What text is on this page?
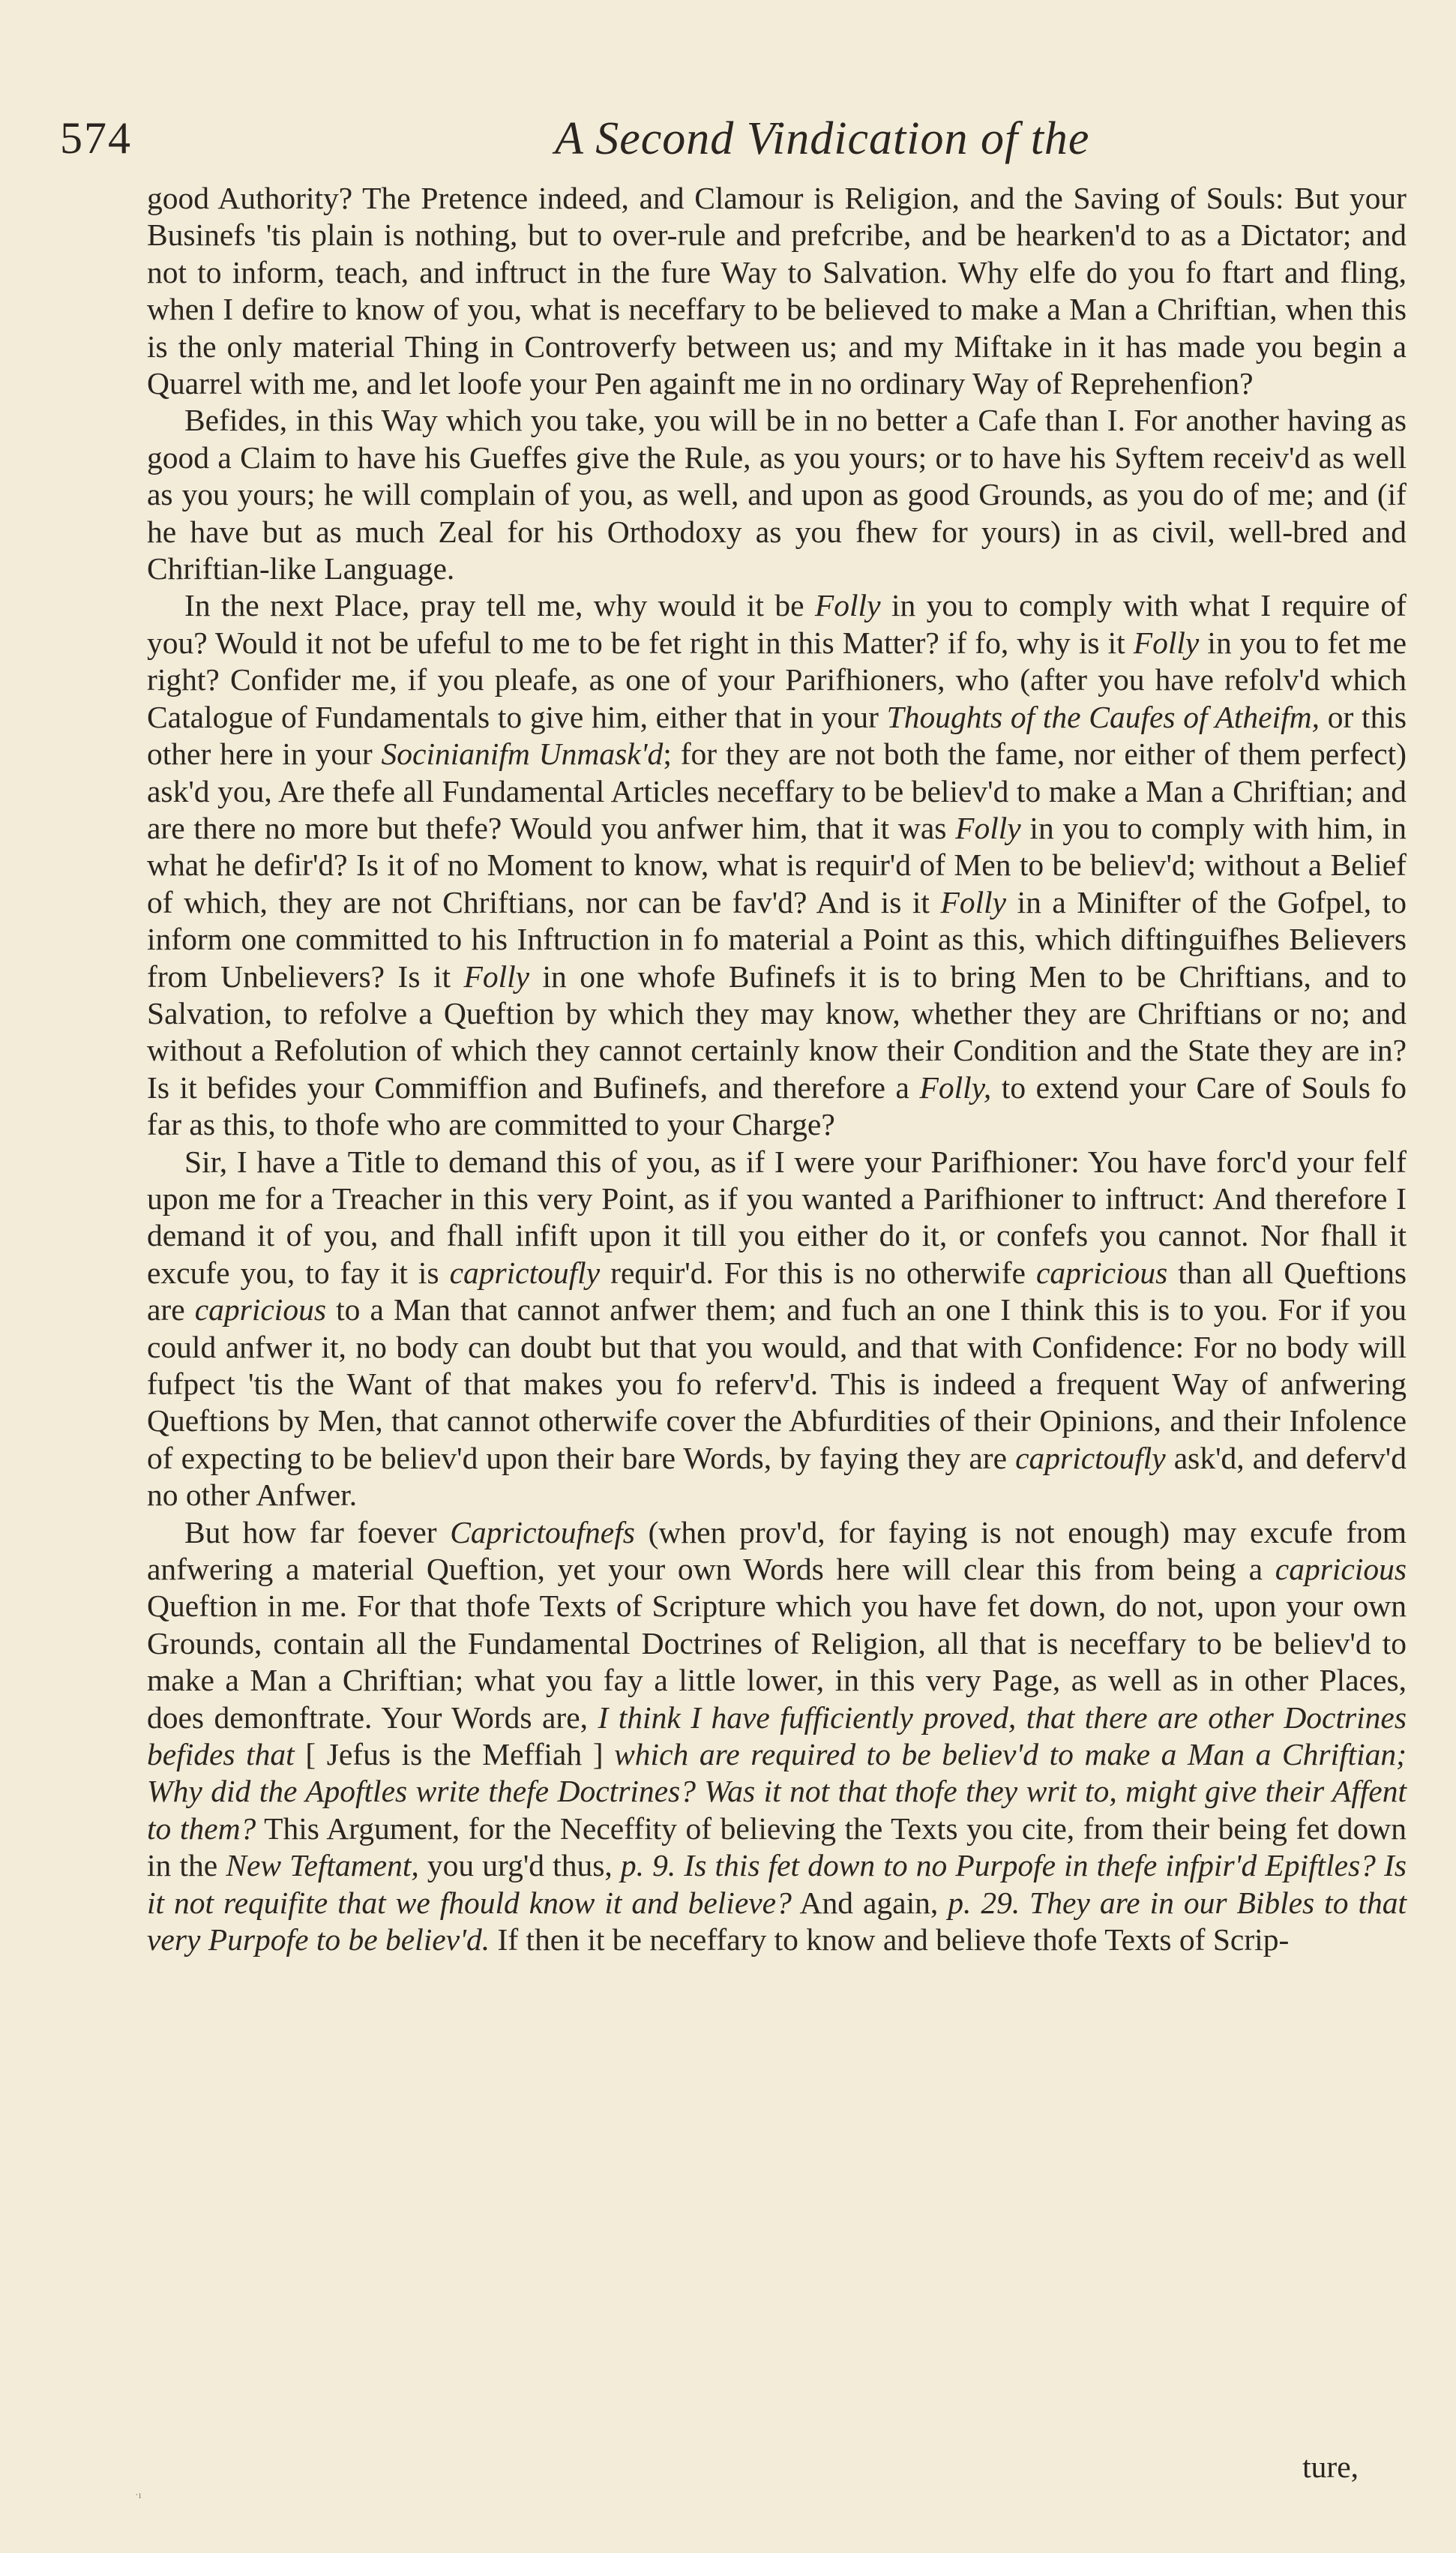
574	A Second Vindication of the

good Authority? The Pretence indeed, and Clamour is Religion, and the Saving of Souls: But your Businefs 'tis plain is nothing, but to over-rule and prefcribe, and be hearken'd to as a Dictator; and not to inform, teach, and inftruct in the fure Way to Salvation. Why elfe do you fo ftart and fling, when I defire to know of you, what is neceffary to be believed to make a Man a Chriftian, when this is the only material Thing in Controverfy between us; and my Miftake in it has made you begin a Quarrel with me, and let loofe your Pen againft me in no ordinary Way of Reprehenfion?

Befides, in this Way which you take, you will be in no better a Cafe than I. For another having as good a Claim to have his Gueffes give the Rule, as you yours; or to have his Syftem receiv'd as well as you yours; he will complain of you, as well, and upon as good Grounds, as you do of me; and (if he have but as much Zeal for his Orthodoxy as you fhew for yours) in as civil, well-bred and Chriftian-like Language.

In the next Place, pray tell me, why would it be Folly in you to comply with what I require of you? Would it not be ufeful to me to be fet right in this Matter? if fo, why is it Folly in you to fet me right? Confider me, if you pleafe, as one of your Parifhioners, who (after you have refolv'd which Catalogue of Fundamentals to give him, either that in your Thoughts of the Caufes of Atheifm, or this other here in your Socinianifm Unmask'd; for they are not both the fame, nor either of them perfect) ask'd you, Are thefe all Fundamental Articles neceffary to be believ'd to make a Man a Chriftian; and are there no more but thefe? Would you anfwer him, that it was Folly in you to comply with him, in what he defir'd? Is it of no Moment to know, what is requir'd of Men to be believ'd; without a Belief of which, they are not Chriftians, nor can be fav'd? And is it Folly in a Minifter of the Gofpel, to inform one committed to his Inftruction in fo material a Point as this, which diftinguifhes Believers from Unbelievers? Is it Folly in one whofe Bufinefs it is to bring Men to be Chriftians, and to Salvation, to refolve a Queftion by which they may know, whether they are Chriftians or no; and without a Refolution of which they cannot certainly know their Condition and the State they are in? Is it befides your Commiffion and Bufinefs, and therefore a Folly, to extend your Care of Souls fo far as this, to thofe who are committed to your Charge?

Sir, I have a Title to demand this of you, as if I were your Parifhioner: You have forc'd your felf upon me for a Treacher in this very Point, as if you wanted a Parifhioner to inftruct: And therefore I demand it of you, and fhall infift upon it till you either do it, or confefs you cannot. Nor fhall it excufe you, to fay it is caprictoufly requir'd. For this is no otherwife capricious than all Queftions are capricious to a Man that cannot anfwer them; and fuch an one I think this is to you. For if you could anfwer it, no body can doubt but that you would, and that with Confidence: For no body will fufpect 'tis the Want of that makes you fo referv'd. This is indeed a frequent Way of anfwering Queftions by Men, that cannot otherwife cover the Abfurdities of their Opinions, and their Infolence of expecting to be believ'd upon their bare Words, by faying they are caprictoufly ask'd, and deferv'd no other Anfwer.

But how far foever Caprictoufnefs (when prov'd, for faying is not enough) may excufe from anfwering a material Queftion, yet your own Words here will clear this from being a capricious Queftion in me. For that thofe Texts of Scripture which you have fet down, do not, upon your own Grounds, contain all the Fundamental Doctrines of Religion, all that is neceffary to be believ'd to make a Man a Chriftian; what you fay a little lower, in this very Page, as well as in other Places, does demonftrate. Your Words are, I think I have fufficiently proved, that there are other Doctrines befides that [ Jefus is the Meffiah ] which are required to be believ'd to make a Man a Chriftian; Why did the Apoftles write thefe Doctrines? Was it not that thofe they writ to, might give their Affent to them? This Argument, for the Neceffity of believing the Texts you cite, from their being fet down in the New Teftament, you urg'd thus, p. 9. Is this fet down to no Purpofe in thefe infpir'd Epiftles? Is it not requifite that we fhould know it and believe? And again, p. 29. They are in our Bibles to that very Purpofe to be believ'd. If then it be neceffary to know and believe thofe Texts of Scrip-

ture,
·ı
